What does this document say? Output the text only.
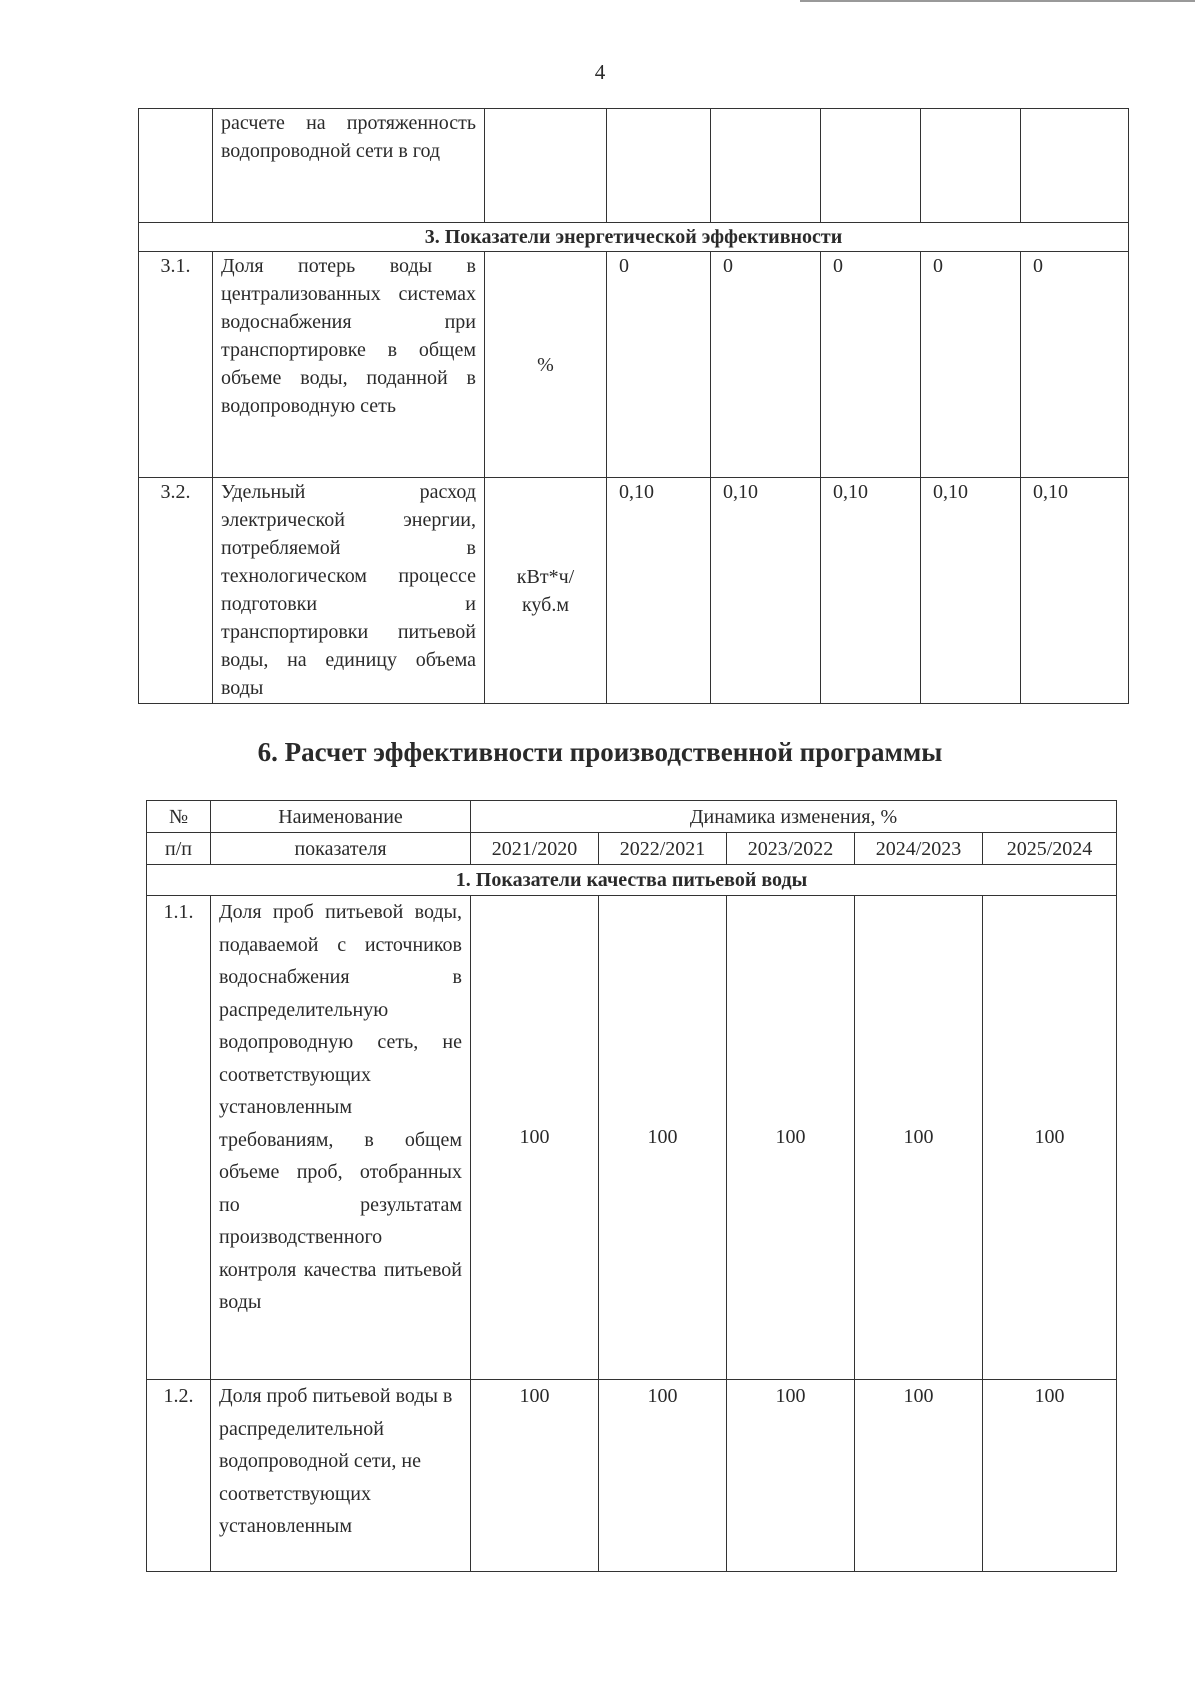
4
	расчете на протяженность водопроводной сети в год						
3. Показатели энергетической эффективности							
3.1.	Доля потерь воды в централизованных системах водоснабжения при транспортировке в общем объеме воды, поданной в водопроводную сеть	%	0	0	0	0	0
3.2.	Удельный расход электрической энергии, потребляемой в технологическом процессе подготовки и транспортировки питьевой воды, на единицу объема воды	кВт*ч/ куб.м	0,10	0,10	0,10	0,10	0,10
6. Расчет эффективности производственной программы
№	Наименование	Динамика изменения, %				
п/п	показателя	2021/2020	2022/2021	2023/2022	2024/2023	2025/2024
1. Показатели качества питьевой воды						
1.1.	Доля проб питьевой воды, подаваемой с источников водоснабжения в распределительную водопроводную сеть, не соответствующих установленным требованиям, в общем объеме проб, отобранных по результатам производственного контроля качества питьевой воды	100	100	100	100	100
1.2.	Доля проб питьевой воды в распределительной водопроводной сети, не соответствующих установленным	100	100	100	100	100
